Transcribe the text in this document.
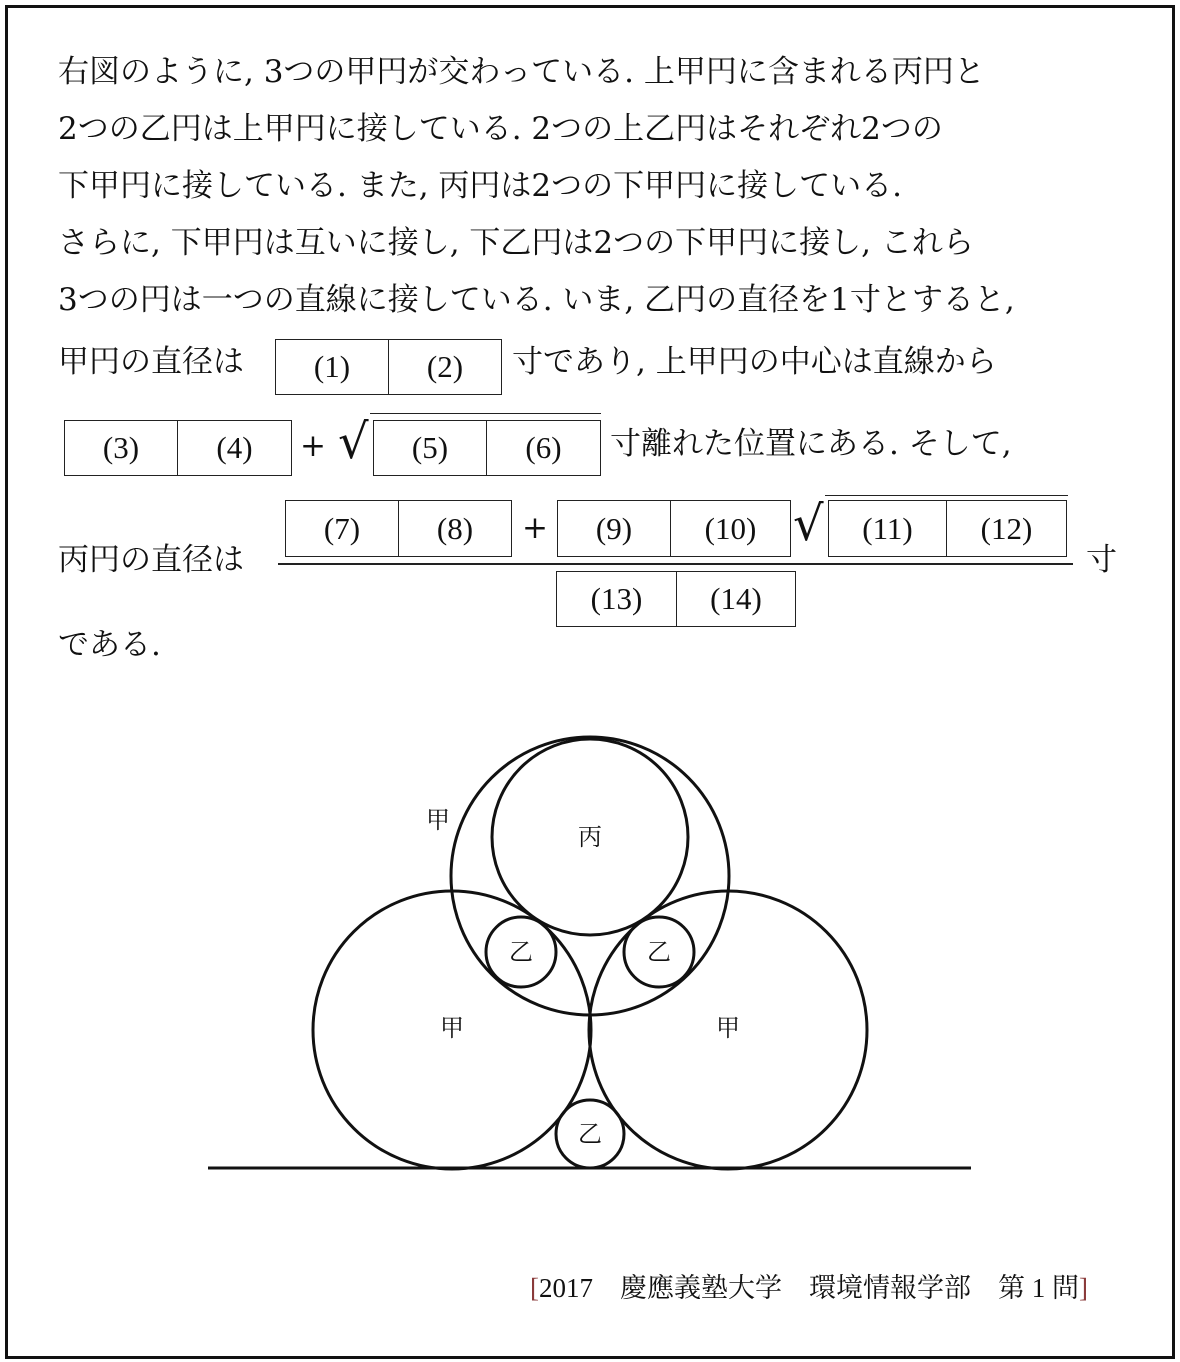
右図のように, 3つの甲円が交わっている. 上甲円に含まれる丙円と
2つの乙円は上甲円に接している. 2つの上乙円はそれぞれ2つの
下甲円に接している. また, 丙円は2つの下甲円に接している.
さらに, 下甲円は互いに接し, 下乙円は2つの下甲円に接し, これら
3つの円は一つの直線に接している. いま, 乙円の直径を1寸とすると,
甲円の直径は	(1)	(2)	寸であり, 上甲円の中心は直線から
(3)	(4)	+ √	(5)	(6)	寸離れた位置にある. そして,
丙円の直径は
(7)	(8)	+	(9)	(10) √	(11)	(12)
(13)	(14)
寸
である.
甲
丙
乙	乙
甲	甲
乙
[2017　慶應義塾大学　環境情報学部　第 1 問]
